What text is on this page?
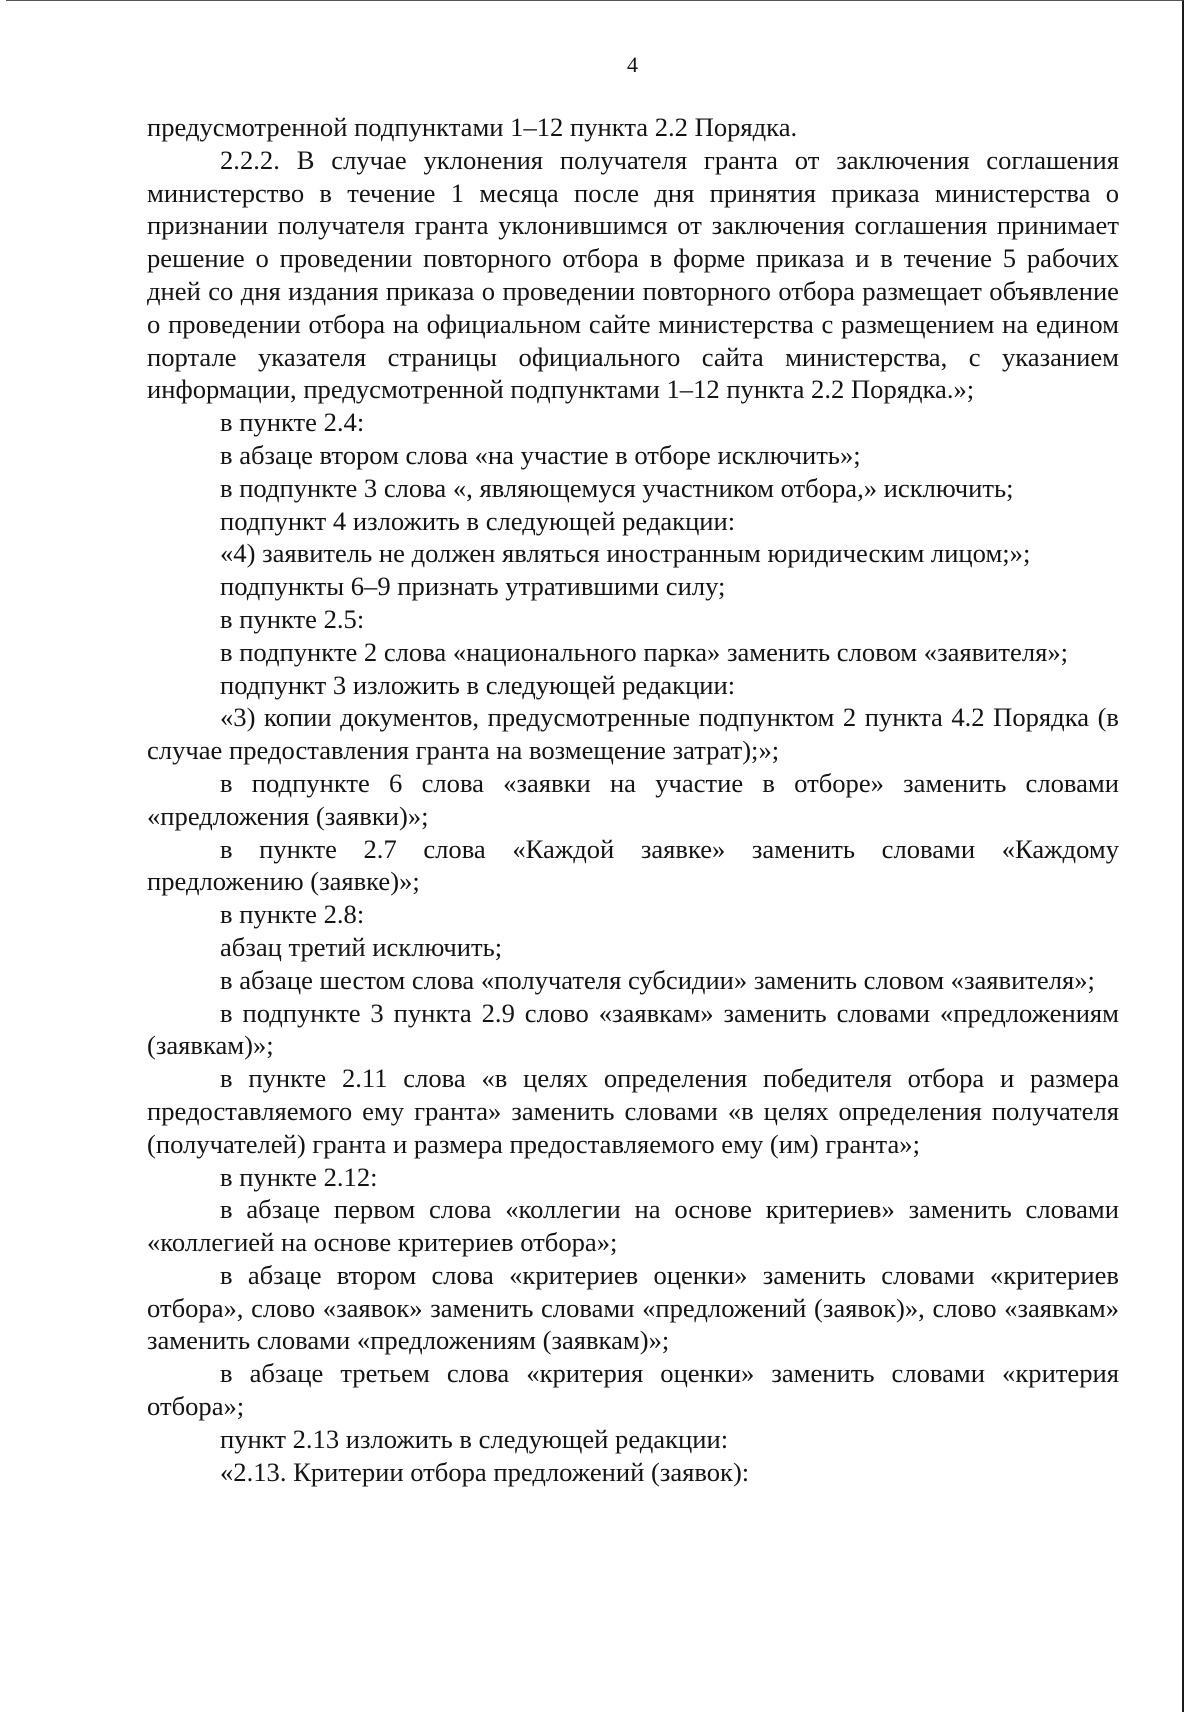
4

предусмотренной подпунктами 1–12 пункта 2.2 Порядка.

2.2.2. В случае уклонения получателя гранта от заключения соглашения министерство в течение 1 месяца после дня принятия приказа министерства о признании получателя гранта уклонившимся от заключения соглашения принимает решение о проведении повторного отбора в форме приказа и в течение 5 рабочих дней со дня издания приказа о проведении повторного отбора размещает объявление о проведении отбора на официальном сайте министерства с размещением на едином портале указателя страницы официального сайта министерства, с указанием информации, предусмотренной подпунктами 1–12 пункта 2.2 Порядка.»;

в пункте 2.4:

в абзаце втором слова «на участие в отборе исключить»;

в подпункте 3 слова «, являющемуся участником отбора,» исключить;

подпункт 4 изложить в следующей редакции:

«4) заявитель не должен являться иностранным юридическим лицом;»;

подпункты 6–9 признать утратившими силу;

в пункте 2.5:

в подпункте 2 слова «национального парка» заменить словом «заявителя»;

подпункт 3 изложить в следующей редакции:

«3) копии документов, предусмотренные подпунктом 2 пункта 4.2 Порядка (в случае предоставления гранта на возмещение затрат);»;

в подпункте 6 слова «заявки на участие в отборе» заменить словами «предложения (заявки)»;

в пункте 2.7 слова «Каждой заявке» заменить словами «Каждому предложению (заявке)»;

в пункте 2.8:

абзац третий исключить;

в абзаце шестом слова «получателя субсидии» заменить словом «заявителя»;

в подпункте 3 пункта 2.9 слово «заявкам» заменить словами «предложениям (заявкам)»;

в пункте 2.11 слова «в целях определения победителя отбора и размера предоставляемого ему гранта» заменить словами «в целях определения получателя (получателей) гранта и размера предоставляемого ему (им) гранта»;

в пункте 2.12:

в абзаце первом слова «коллегии на основе критериев» заменить словами «коллегией на основе критериев отбора»;

в абзаце втором слова «критериев оценки» заменить словами «критериев отбора», слово «заявок» заменить словами «предложений (заявок)», слово «заявкам» заменить словами «предложениям (заявкам)»;

в абзаце третьем слова «критерия оценки» заменить словами «критерия отбора»;

пункт 2.13 изложить в следующей редакции:

«2.13. Критерии отбора предложений (заявок):
